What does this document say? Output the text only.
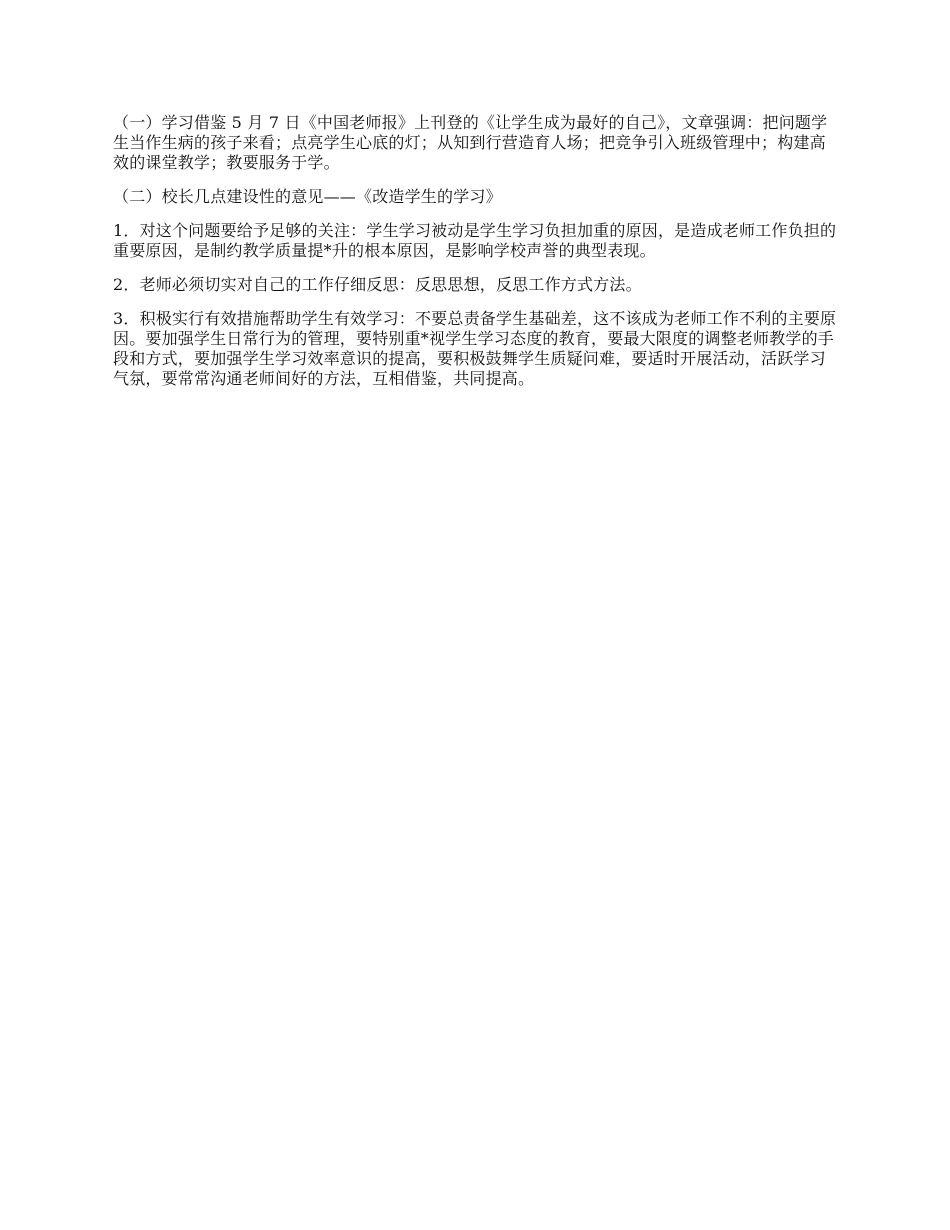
（一）学习借鉴 5 月 7 日《中国老师报》上刊登的《让学生成为最好的自己》，文章强调：把问题学生当作生病的孩子来看；点亮学生心底的灯；从知到行营造育人场；把竞争引入班级管理中；构建高效的课堂教学；教要服务于学。

（二）校长几点建设性的意见——《改造学生的学习》

1．对这个问题要给予足够的关注：学生学习被动是学生学习负担加重的原因，是造成老师工作负担的重要原因，是制约教学质量提*升的根本原因，是影响学校声誉的典型表现。

2．老师必须切实对自己的工作仔细反思：反思思想，反思工作方式方法。

3．积极实行有效措施帮助学生有效学习：不要总责备学生基础差，这不该成为老师工作不利的主要原因。要加强学生日常行为的管理，要特别重*视学生学习态度的教育，要最大限度的调整老师教学的手段和方式，要加强学生学习效率意识的提高，要积极鼓舞学生质疑问难，要适时开展活动，活跃学习气氛，要常常沟通老师间好的方法，互相借鉴，共同提高。
